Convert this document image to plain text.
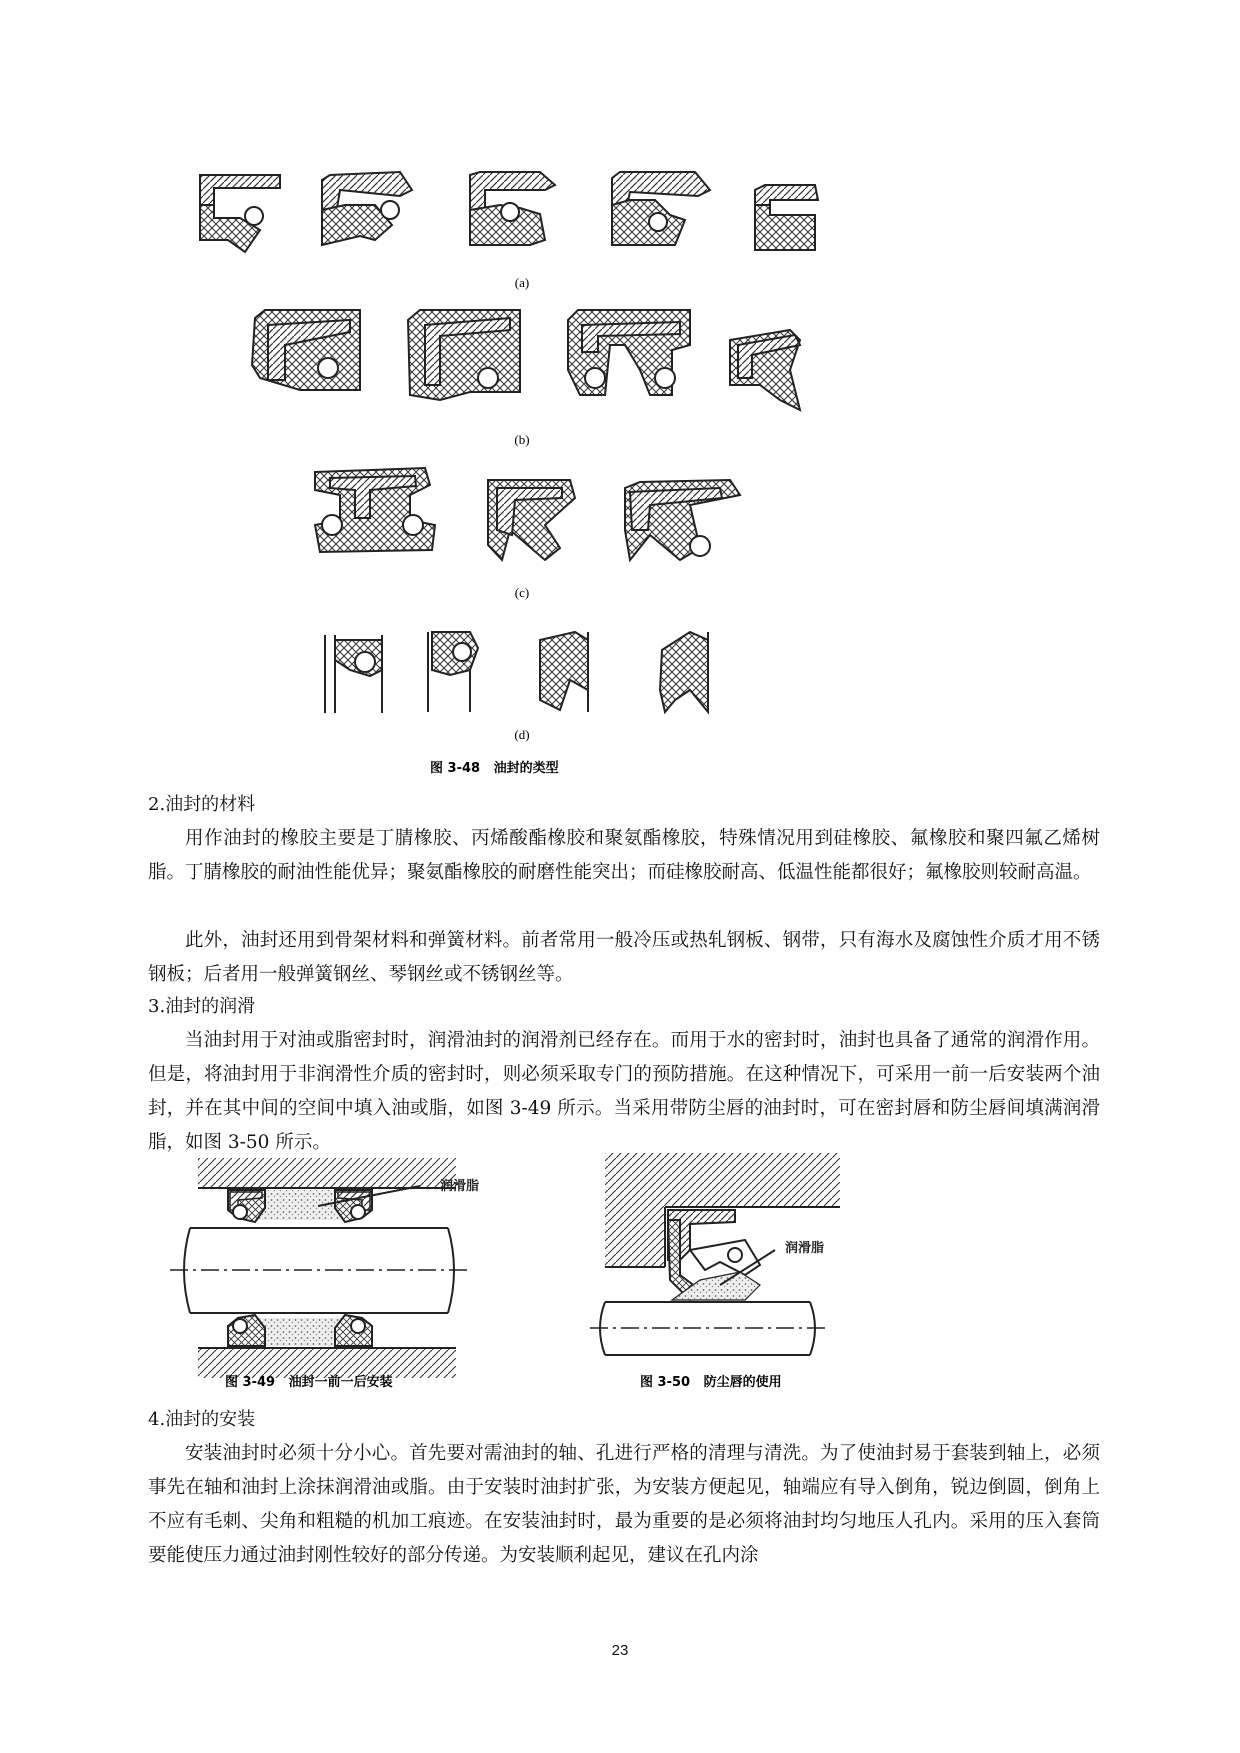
(a)
(b)
(c)
(d)
图 3-48   油封的类型
2.油封的材料
用作油封的橡胶主要是丁腈橡胶、丙烯酸酯橡胶和聚氨酯橡胶，特殊情况用到硅橡胶、氟橡胶和聚四氟乙烯树脂。丁腈橡胶的耐油性能优异；聚氨酯橡胶的耐磨性能突出；而硅橡胶耐高、低温性能都很好；氟橡胶则较耐高温。
此外，油封还用到骨架材料和弹簧材料。前者常用一般冷压或热轧钢板、钢带，只有海水及腐蚀性介质才用不锈钢板；后者用一般弹簧钢丝、琴钢丝或不锈钢丝等。
3.油封的润滑
当油封用于对油或脂密封时，润滑油封的润滑剂已经存在。而用于水的密封时，油封也具备了通常的润滑作用。但是，将油封用于非润滑性介质的密封时，则必须采取专门的预防措施。在这种情况下，可采用一前一后安装两个油封，并在其中间的空间中填入油或脂，如图 3-49 所示。当采用带防尘唇的油封时，可在密封唇和防尘唇间填满润滑脂，如图 3-50 所示。
润滑脂
图 3-49   油封一前一后安装
润滑脂
图 3-50   防尘唇的使用
4.油封的安装
安装油封时必须十分小心。首先要对需油封的轴、孔进行严格的清理与清洗。为了使油封易于套装到轴上，必须事先在轴和油封上涂抹润滑油或脂。由于安装时油封扩张，为安装方便起见，轴端应有导入倒角，锐边倒圆，倒角上不应有毛刺、尖角和粗糙的机加工痕迹。在安装油封时，最为重要的是必须将油封均匀地压人孔内。采用的压入套筒要能使压力通过油封刚性较好的部分传递。为安装顺利起见，建议在孔内涂
23
